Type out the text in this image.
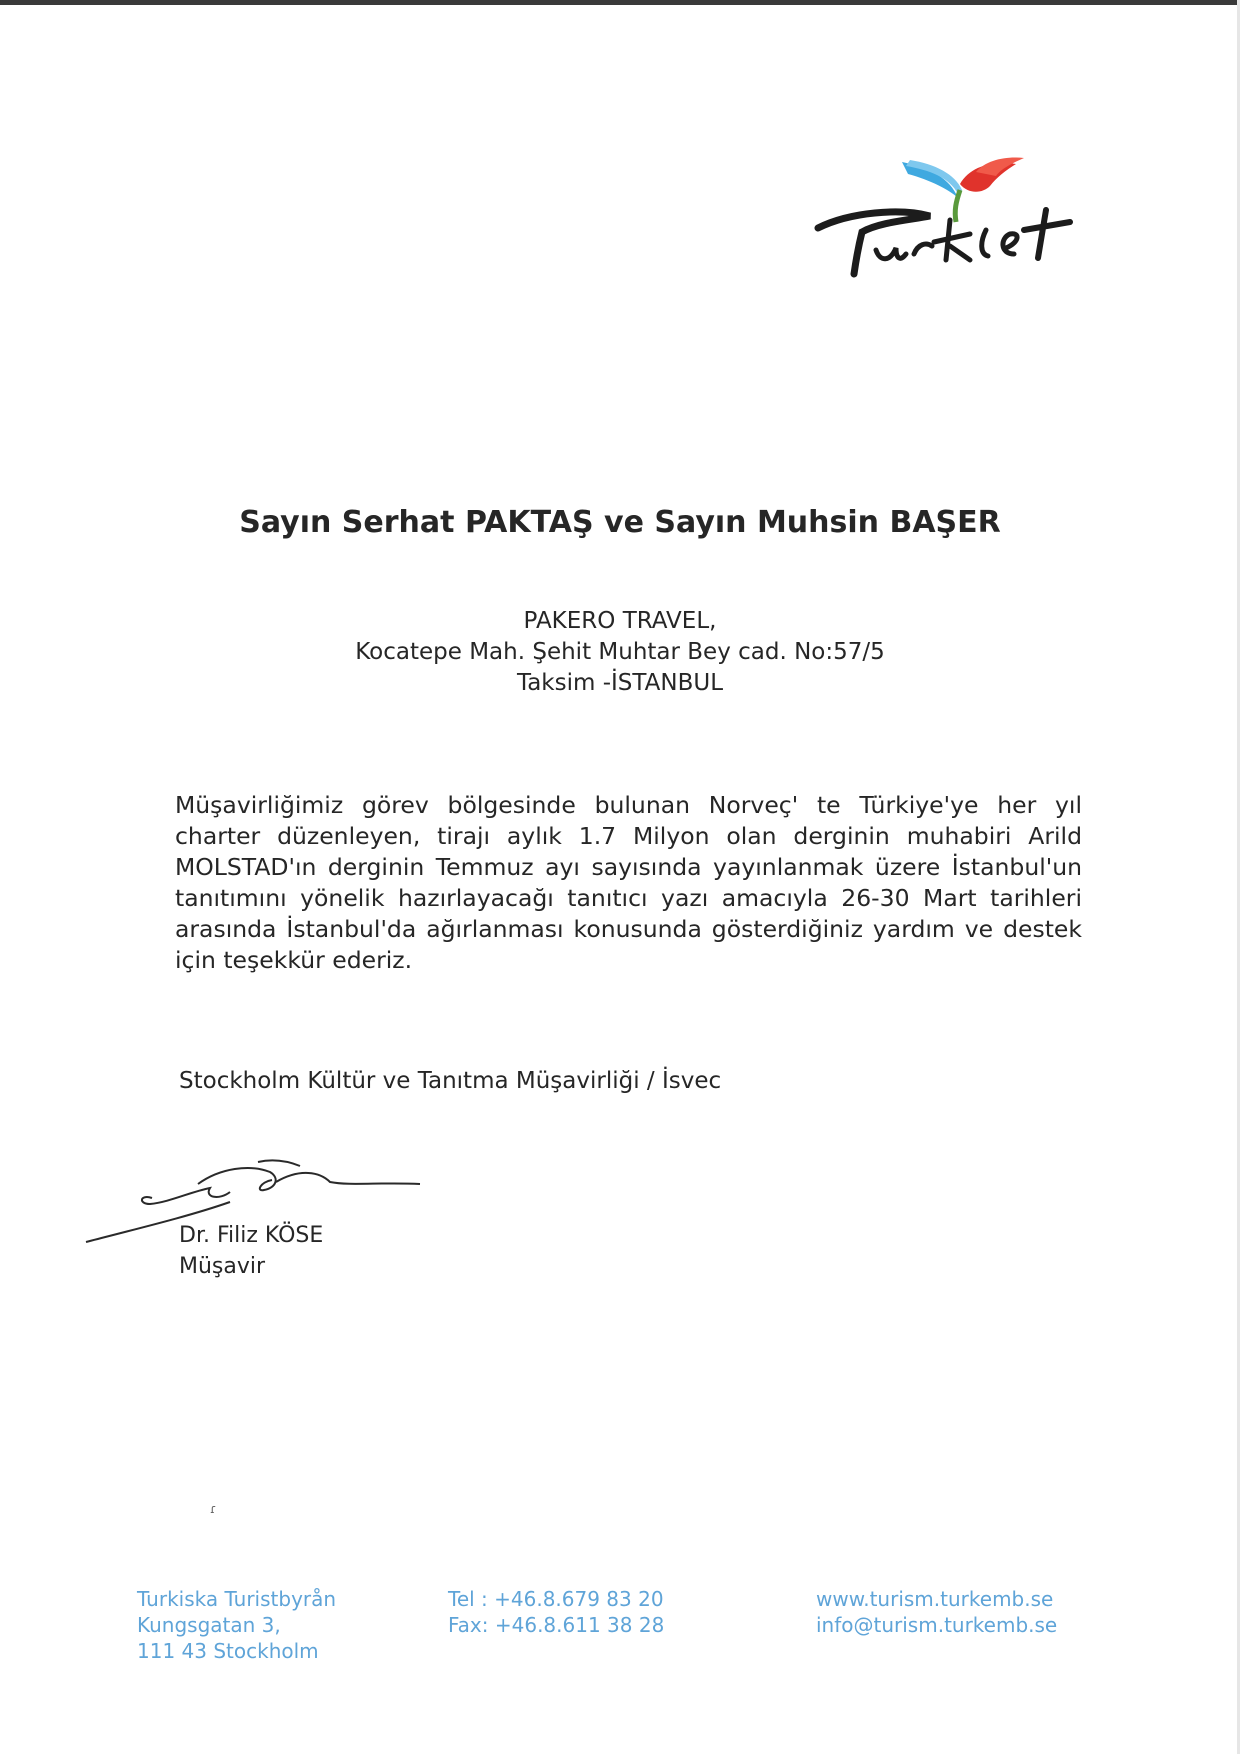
Sayın Serhat PAKTAŞ ve Sayın Muhsin BAŞER
PAKERO TRAVEL,
Kocatepe Mah. Şehit Muhtar Bey cad. No:57/5
Taksim -İSTANBUL
Müşavirliğimiz görev bölgesinde bulunan Norveç' te Türkiye'ye her yıl charter düzenleyen, tirajı aylık 1.7 Milyon olan derginin muhabiri Arild MOLSTAD'ın derginin Temmuz ayı sayısında yayınlanmak üzere İstanbul'un tanıtımını yönelik hazırlayacağı tanıtıcı yazı amacıyla 26-30 Mart tarihleri arasında İstanbul'da ağırlanması konusunda gösterdiğiniz yardım ve destek için teşekkür ederiz.
Stockholm Kültür ve Tanıtma Müşavirliği / İsvec
Dr. Filiz KÖSE
Müşavir
ɾ
Turkiska Turistbyrån
Kungsgatan 3,
111 43 Stockholm
Tel : +46.8.679 83 20
Fax: +46.8.611 38 28
www.turism.turkemb.se
info@turism.turkemb.se
